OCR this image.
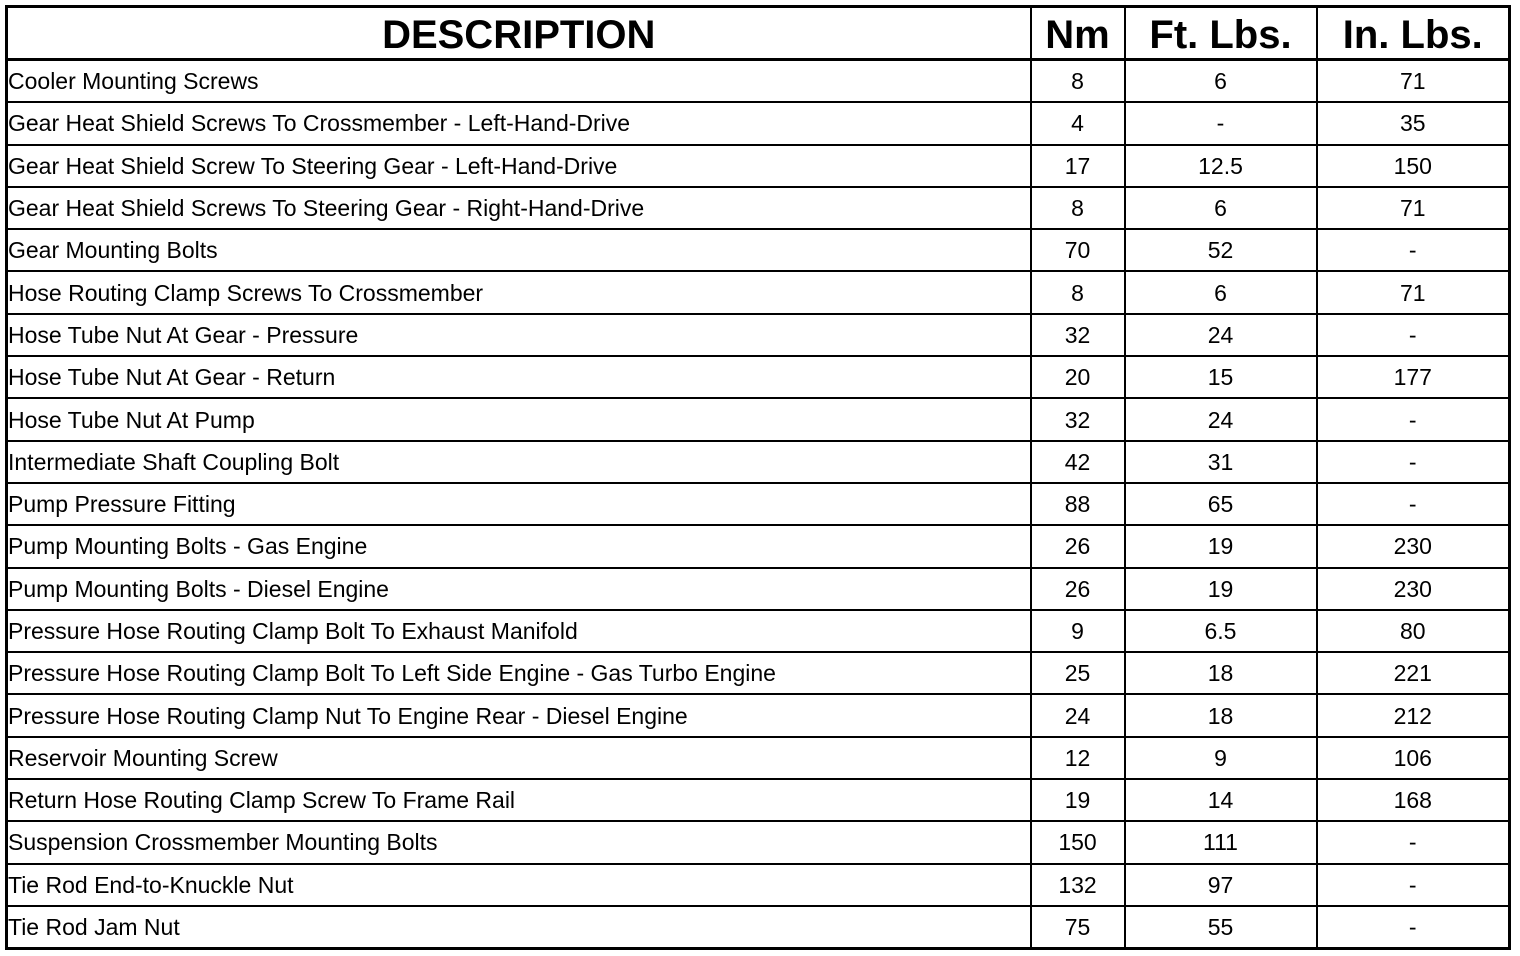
DESCRIPTION	Nm	Ft. Lbs.	In. Lbs.
Cooler Mounting Screws	8	6	71
Gear Heat Shield Screws To Crossmember - Left-Hand-Drive	4	-	35
Gear Heat Shield Screw To Steering Gear - Left-Hand-Drive	17	12.5	150
Gear Heat Shield Screws To Steering Gear - Right-Hand-Drive	8	6	71
Gear Mounting Bolts	70	52	-
Hose Routing Clamp Screws To Crossmember	8	6	71
Hose Tube Nut At Gear - Pressure	32	24	-
Hose Tube Nut At Gear - Return	20	15	177
Hose Tube Nut At Pump	32	24	-
Intermediate Shaft Coupling Bolt	42	31	-
Pump Pressure Fitting	88	65	-
Pump Mounting Bolts - Gas Engine	26	19	230
Pump Mounting Bolts - Diesel Engine	26	19	230
Pressure Hose Routing Clamp Bolt To Exhaust Manifold	9	6.5	80
Pressure Hose Routing Clamp Bolt To Left Side Engine - Gas Turbo Engine	25	18	221
Pressure Hose Routing Clamp Nut To Engine Rear - Diesel Engine	24	18	212
Reservoir Mounting Screw	12	9	106
Return Hose Routing Clamp Screw To Frame Rail	19	14	168
Suspension Crossmember Mounting Bolts	150	111	-
Tie Rod End-to-Knuckle Nut	132	97	-
Tie Rod Jam Nut	75	55	-
